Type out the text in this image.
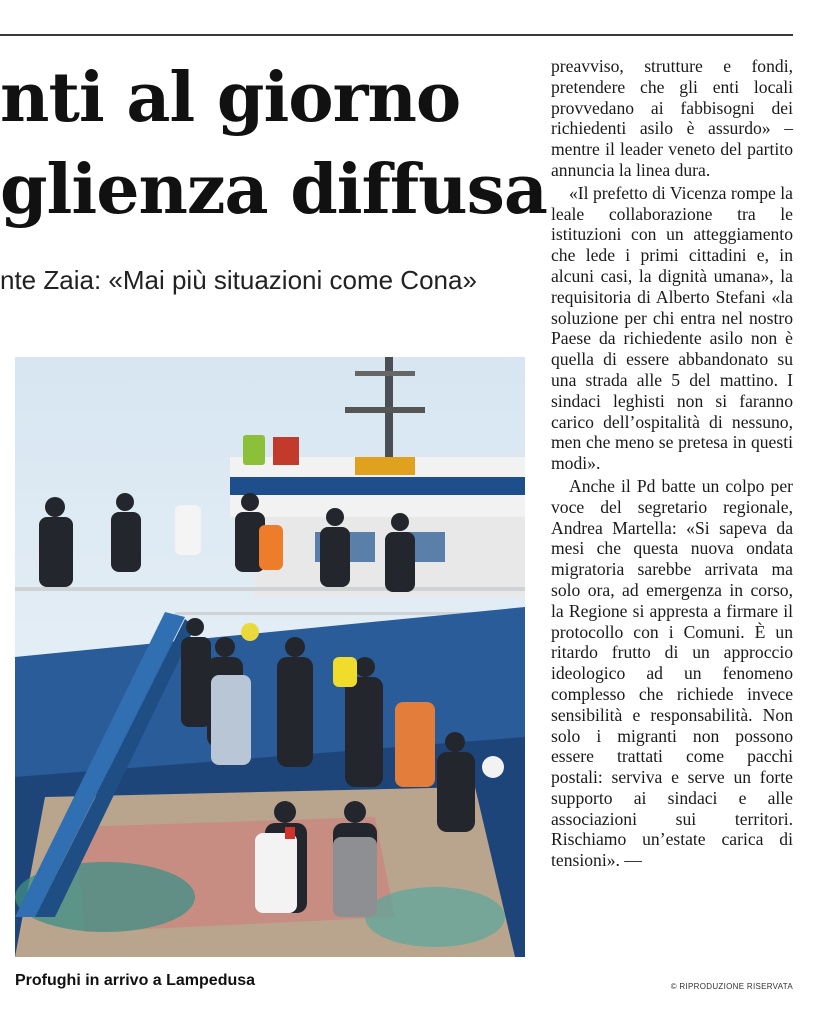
nti al giorno
glienza diffusa
nte Zaia: «Mai più situazioni come Cona»
Profughi in arrivo a Lampedusa

preavviso, strutture e fondi, pretendere che gli enti locali provvedano ai fabbisogni dei richiedenti asilo è assurdo» – mentre il leader veneto del partito annuncia la linea dura.

«Il prefetto di Vicenza rompe la leale collaborazione tra le istituzioni con un atteggiamento che lede i primi cittadini e, in alcuni casi, la dignità umana», la requisitoria di Alberto Stefani «la soluzione per chi entra nel nostro Paese da richiedente asilo non è quella di essere abbandonato su una strada alle 5 del mattino. I sindaci leghisti non si faranno carico dell’ospitalità di nessuno, men che meno se pretesa in questi modi».

Anche il Pd batte un colpo per voce del segretario regionale, Andrea Martella: «Si sapeva da mesi che questa nuova ondata migratoria sarebbe arrivata ma solo ora, ad emergenza in corso, la Regione si appresta a firmare il protocollo con i Comuni. È un ritardo frutto di un approccio ideologico ad un fenomeno complesso che richiede invece sensibilità e responsabilità. Non solo i migranti non possono essere trattati come pacchi postali: serviva e serve un forte supporto ai sindaci e alle associazioni sui territori. Rischiamo un’estate carica di tensioni». —

© RIPRODUZIONE RISERVATA
